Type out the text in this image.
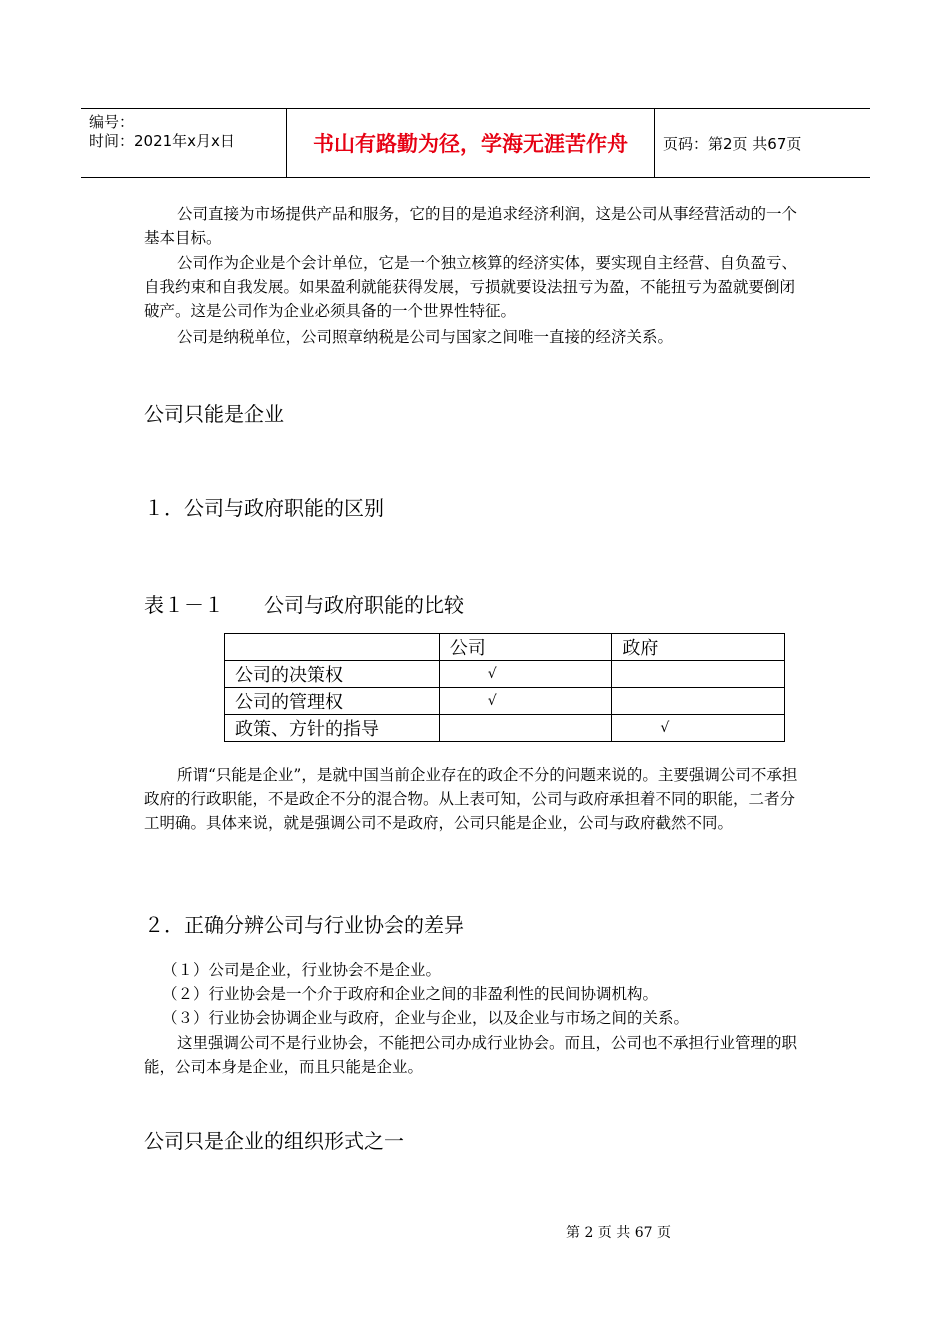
编号：
时间：2021年x月x日	书山有路勤为径，学海无涯苦作舟	页码：第2页 共67页

公司直接为市场提供产品和服务，它的目的是追求经济利润，这是公司从事经营活动的一个基本目标。

公司作为企业是个会计单位，它是一个独立核算的经济实体，要实现自主经营、自负盈亏、自我约束和自我发展。如果盈利就能获得发展，亏损就要设法扭亏为盈，不能扭亏为盈就要倒闭破产。这是公司作为企业必须具备的一个世界性特征。

公司是纳税单位，公司照章纳税是公司与国家之间唯一直接的经济关系。

公司只能是企业
１．公司与政府职能的区别
表１－１　　公司与政府职能的比较
	公司	政府
公司的决策权	√	
公司的管理权	√	
政策、方针的指导		√

所谓“只能是企业”，是就中国当前企业存在的政企不分的问题来说的。主要强调公司不承担政府的行政职能，不是政企不分的混合物。从上表可知，公司与政府承担着不同的职能，二者分工明确。具体来说，就是强调公司不是政府，公司只能是企业，公司与政府截然不同。

２．正确分辨公司与行业协会的差异
（１）公司是企业，行业协会不是企业。
（２）行业协会是一个介于政府和企业之间的非盈利性的民间协调机构。
（３）行业协会协调企业与政府，企业与企业，以及企业与市场之间的关系。

这里强调公司不是行业协会，不能把公司办成行业协会。而且，公司也不承担行业管理的职能，公司本身是企业，而且只能是企业。

公司只是企业的组织形式之一
第 2 页 共 67 页
